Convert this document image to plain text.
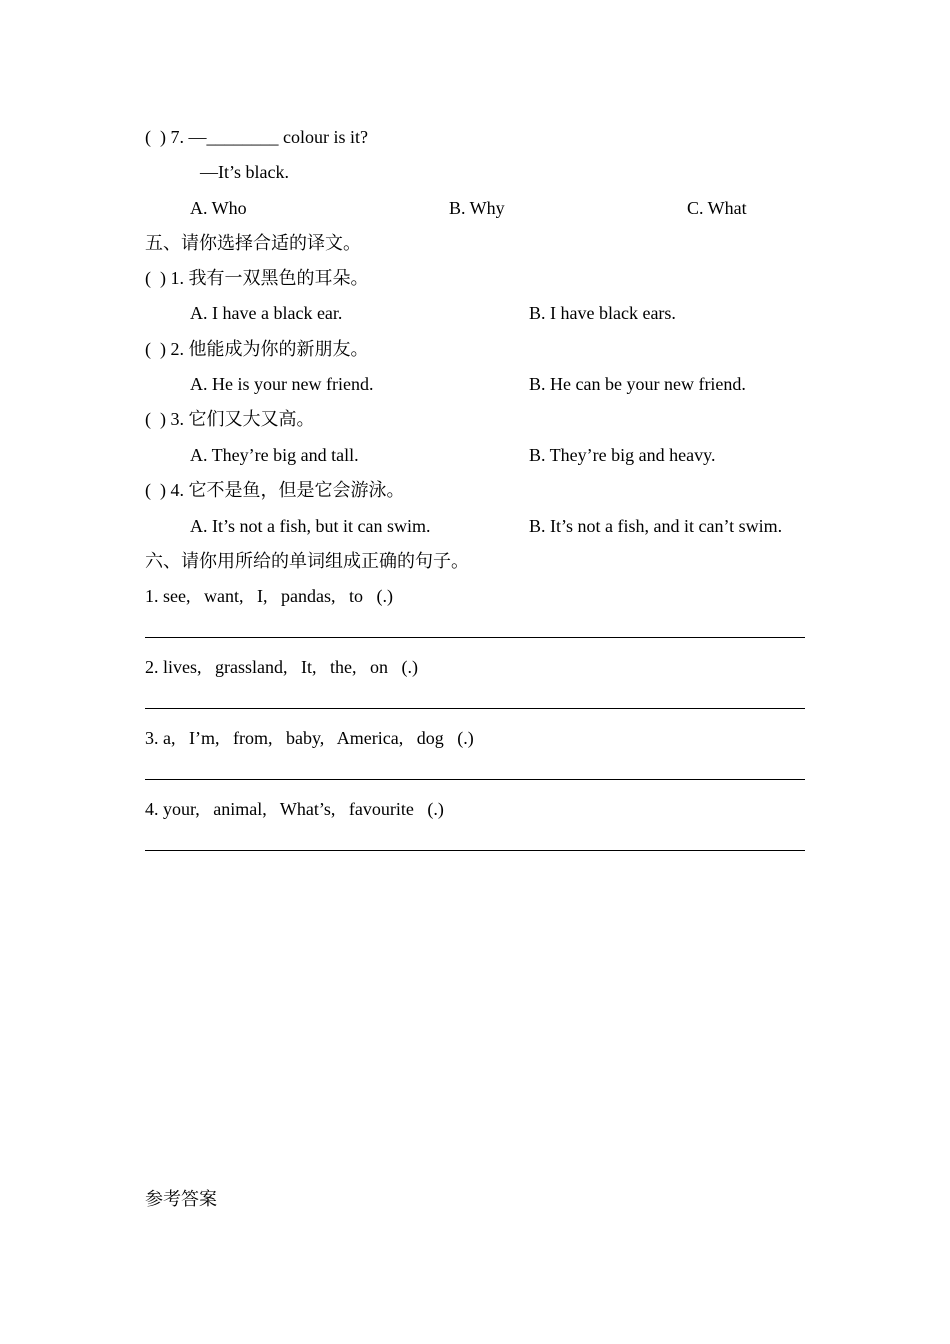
(  ) 7. —________ colour is it?
—It’s black.
A. Who	B. Why	C. What
五、请你选择合适的译文。
(  ) 1. 我有一双黑色的耳朵。
A. I have a black ear.	B. I have black ears.
(  ) 2. 他能成为你的新朋友。
A. He is your new friend.	B. He can be your new friend.
(  ) 3. 它们又大又高。
A. They’re big and tall.	B. They’re big and heavy.
(  ) 4. 它不是鱼，但是它会游泳。
A. It’s not a fish, but it can swim.	B. It’s not a fish, and it can’t swim.
六、请你用所给的单词组成正确的句子。
1. see,   want,   I,   pandas,   to   (.)
2. lives,   grassland,   It,   the,   on   (.)
3. a,   I’m,   from,   baby,   America,   dog   (.)
4. your,   animal,   What’s,   favourite   (.)
参考答案
